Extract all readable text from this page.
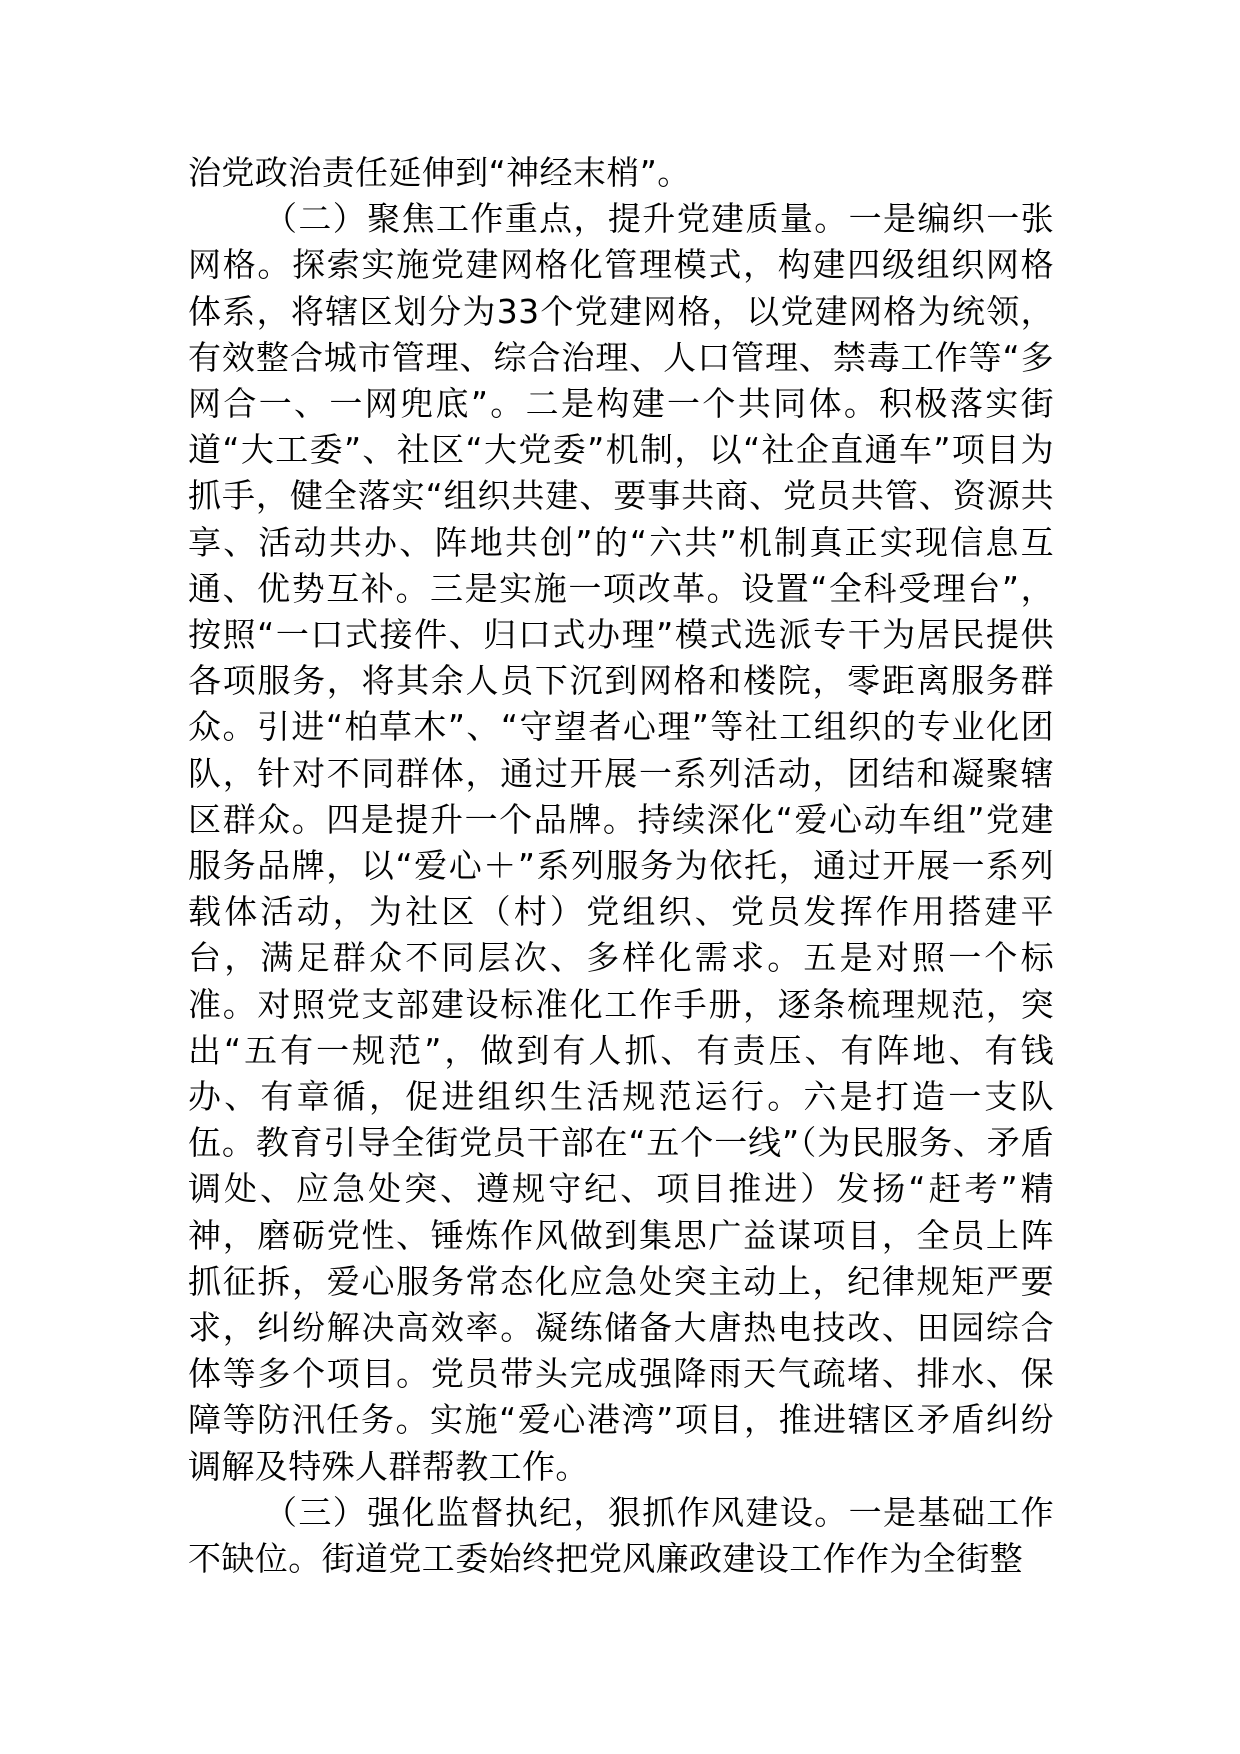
治党政治责任延伸到“神经末梢”。

（二）聚焦工作重点，提升党建质量。一是编织一张网格。探索实施党建网格化管理模式，构建四级组织网格体系，将辖区划分为33个党建网格，以党建网格为统领，有效整合城市管理、综合治理、人口管理、禁毒工作等“多网合一、一网兜底”。二是构建一个共同体。积极落实街道“大工委”、社区“大党委”机制，以“社企直通车”项目为抓手，健全落实“组织共建、要事共商、党员共管、资源共享、活动共办、阵地共创”的“六共”机制真正实现信息互通、优势互补。三是实施一项改革。设置“全科受理台”，按照“一口式接件、归口式办理”模式选派专干为居民提供各项服务，将其余人员下沉到网格和楼院，零距离服务群众。引进“柏草木”、“守望者心理”等社工组织的专业化团队，针对不同群体，通过开展一系列活动，团结和凝聚辖区群众。四是提升一个品牌。持续深化“爱心动车组”党建服务品牌，以“爱心＋”系列服务为依托，通过开展一系列载体活动，为社区（村）党组织、党员发挥作用搭建平台，满足群众不同层次、多样化需求。五是对照一个标准。对照党支部建设标准化工作手册，逐条梳理规范，突出“五有一规范”，做到有人抓、有责压、有阵地、有钱办、有章循，促进组织生活规范运行。六是打造一支队伍。教育引导全街党员干部在“五个一线”（为民服务、矛盾调处、应急处突、遵规守纪、项目推进）发扬“赶考”精神，磨砺党性、锤炼作风做到集思广益谋项目，全员上阵抓征拆，爱心服务常态化应急处突主动上，纪律规矩严要求，纠纷解决高效率。凝练储备大唐热电技改、田园综合体等多个项目。党员带头完成强降雨天气疏堵、排水、保障等防汛任务。实施“爱心港湾”项目，推进辖区矛盾纠纷调解及特殊人群帮教工作。

（三）强化监督执纪，狠抓作风建设。一是基础工作不缺位。街道党工委始终把党风廉政建设工作作为全街整
